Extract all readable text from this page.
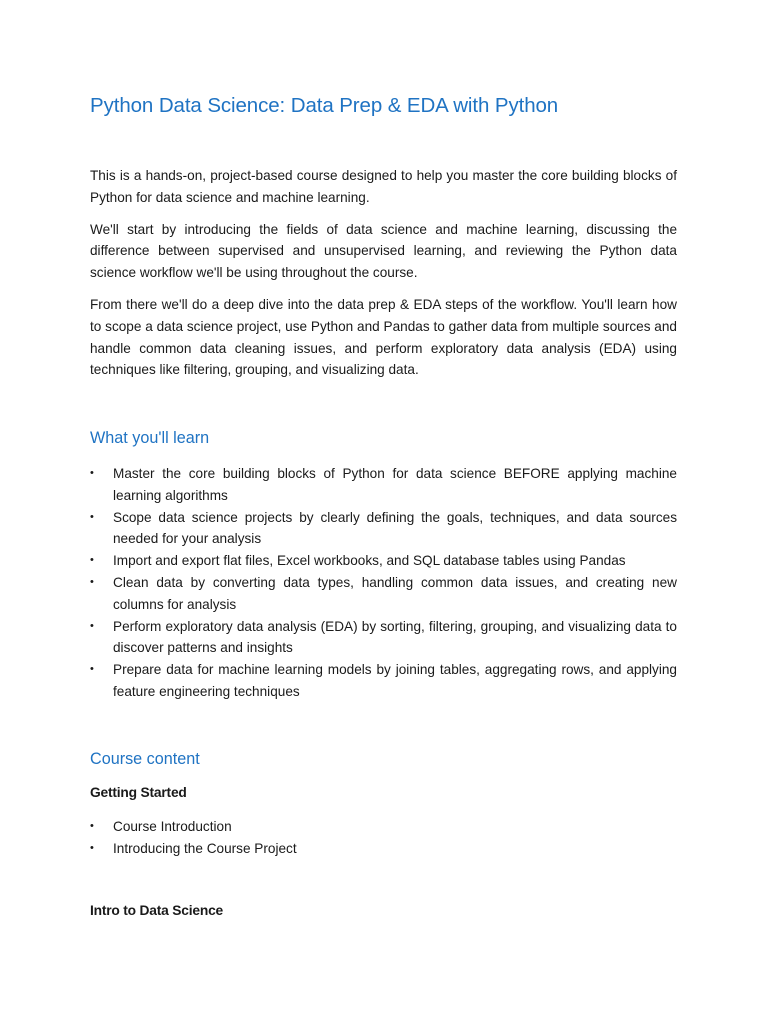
Python Data Science: Data Prep & EDA with Python

This is a hands-on, project-based course designed to help you master the core building blocks of Python for data science and machine learning.

We'll start by introducing the fields of data science and machine learning, discussing the difference between supervised and unsupervised learning, and reviewing the Python data science workflow we'll be using throughout the course.

From there we'll do a deep dive into the data prep & EDA steps of the workflow. You'll learn how to scope a data science project, use Python and Pandas to gather data from multiple sources and handle common data cleaning issues, and perform exploratory data analysis (EDA) using techniques like filtering, grouping, and visualizing data.

What you'll learn
•	Master the core building blocks of Python for data science BEFORE applying machine learning algorithms
•	Scope data science projects by clearly defining the goals, techniques, and data sources needed for your analysis
•	Import and export flat files, Excel workbooks, and SQL database tables using Pandas
•	Clean data by converting data types, handling common data issues, and creating new columns for analysis
•	Perform exploratory data analysis (EDA) by sorting, filtering, grouping, and visualizing data to discover patterns and insights
•	Prepare data for machine learning models by joining tables, aggregating rows, and applying feature engineering techniques
Course content
Getting Started
•	Course Introduction
•	Introducing the Course Project
Intro to Data Science
